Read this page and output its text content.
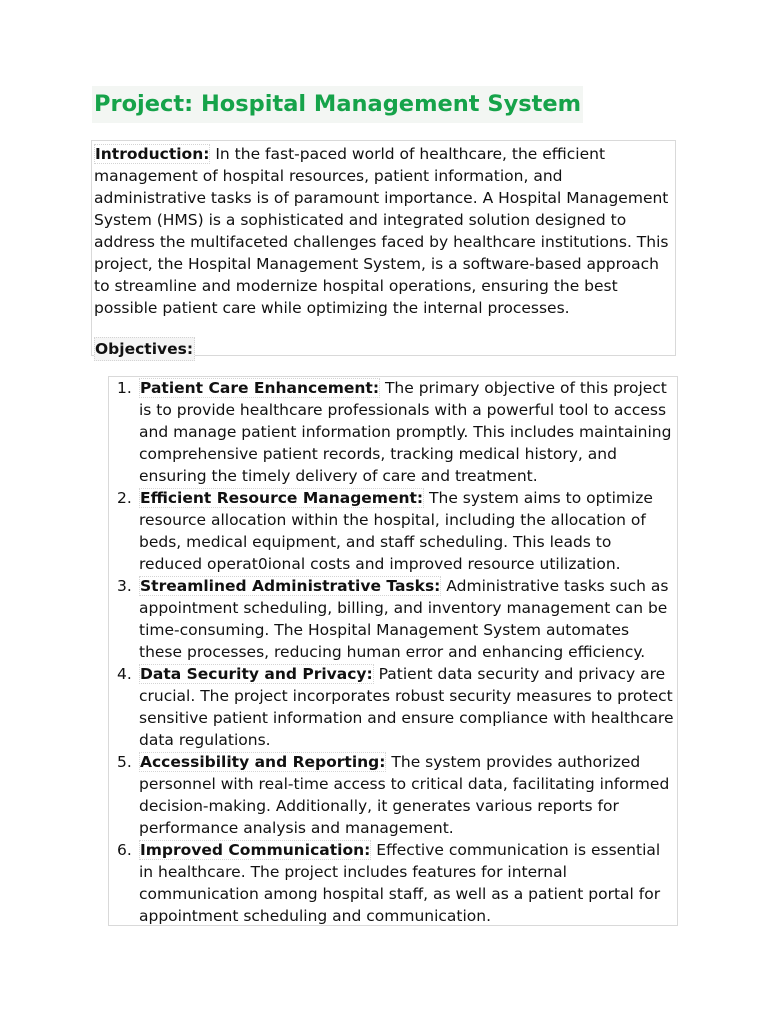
Project: Hospital Management System

Introduction: In the fast-paced world of healthcare, the efficient management of hospital resources, patient information, and administrative tasks is of paramount importance. A Hospital Management System (HMS) is a sophisticated and integrated solution designed to address the multifaceted challenges faced by healthcare institutions. This project, the Hospital Management System, is a software-based approach to streamline and modernize hospital operations, ensuring the best possible patient care while optimizing the internal processes.

Objectives:
1. Patient Care Enhancement: The primary objective of this project is to provide healthcare professionals with a powerful tool to access and manage patient information promptly. This includes maintaining comprehensive patient records, tracking medical history, and ensuring the timely delivery of care and treatment.
2. Efficient Resource Management: The system aims to optimize resource allocation within the hospital, including the allocation of beds, medical equipment, and staff scheduling. This leads to reduced operat0ional costs and improved resource utilization.
3. Streamlined Administrative Tasks: Administrative tasks such as appointment scheduling, billing, and inventory management can be time-consuming. The Hospital Management System automates these processes, reducing human error and enhancing efficiency.
4. Data Security and Privacy: Patient data security and privacy are crucial. The project incorporates robust security measures to protect sensitive patient information and ensure compliance with healthcare data regulations.
5. Accessibility and Reporting: The system provides authorized personnel with real-time access to critical data, facilitating informed decision-making. Additionally, it generates various reports for performance analysis and management.
6. Improved Communication: Effective communication is essential in healthcare. The project includes features for internal communication among hospital staff, as well as a patient portal for appointment scheduling and communication.
